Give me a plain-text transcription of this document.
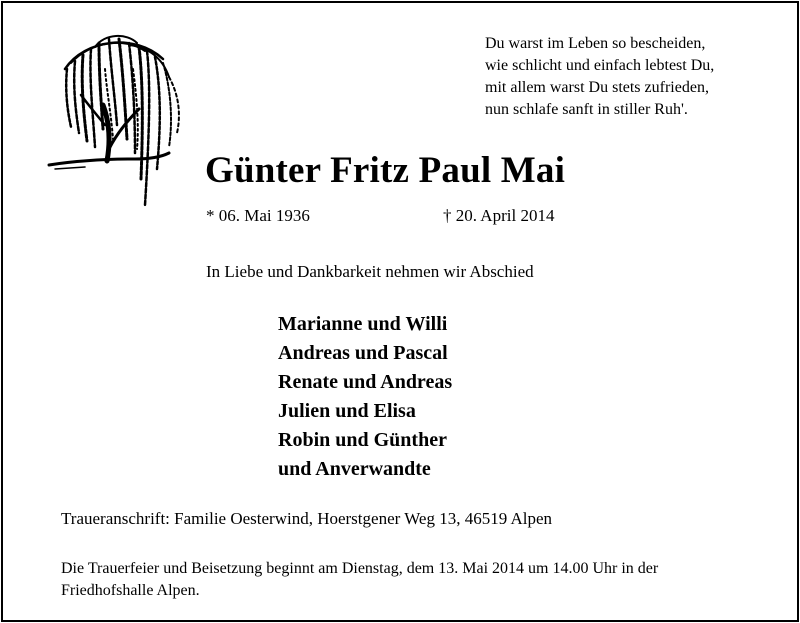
Du warst im Leben so bescheiden,
wie schlicht und einfach lebtest Du,
mit allem warst Du stets zufrieden,
nun schlafe sanft in stiller Ruh'.
Günter Fritz Paul Mai
* 06. Mai 1936	† 20. April 2014
In Liebe und Dankbarkeit nehmen wir Abschied
Marianne und Willi
Andreas und Pascal
Renate und Andreas
Julien und Elisa
Robin und Günther
und Anverwandte
Traueranschrift: Familie Oesterwind, Hoerstgener Weg 13, 46519 Alpen
Die Trauerfeier und Beisetzung beginnt am Dienstag, dem 13. Mai 2014 um 14.00 Uhr in der
Friedhofshalle Alpen.
